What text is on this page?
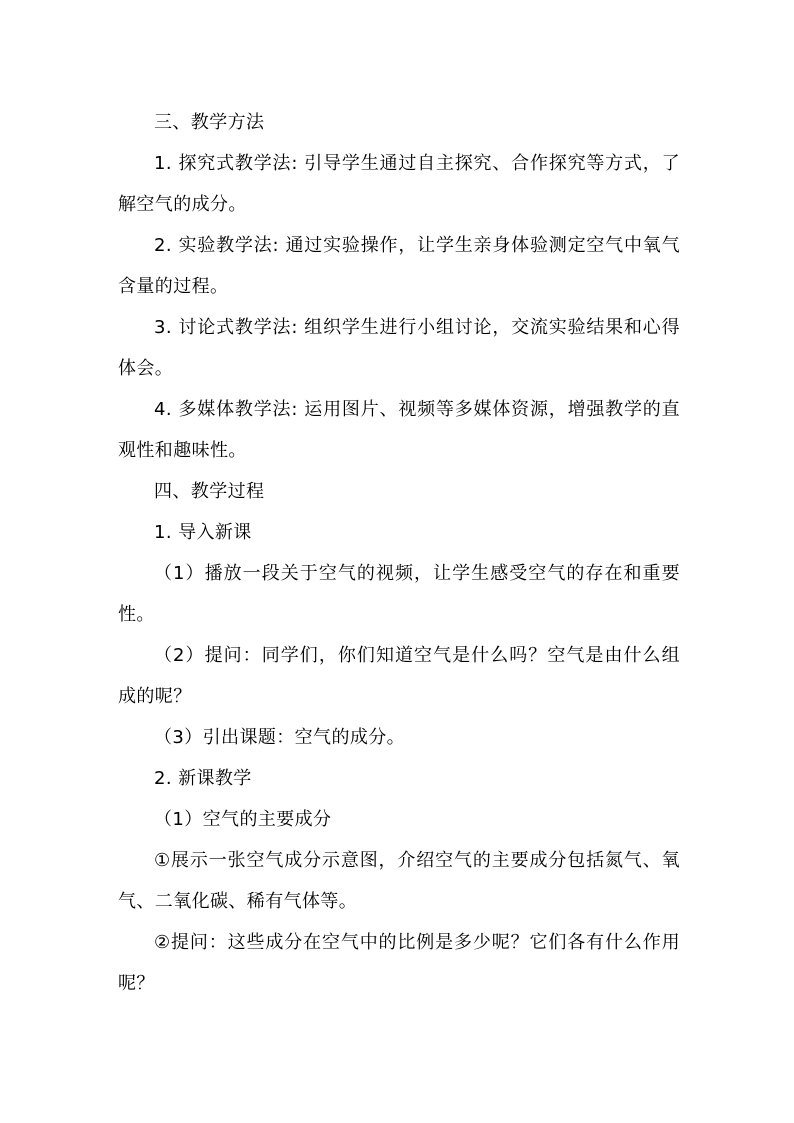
三、教学方法

1. 探究式教学法: 引导学生通过自主探究、合作探究等方式，了解空气的成分。

2. 实验教学法: 通过实验操作，让学生亲身体验测定空气中氧气含量的过程。

3. 讨论式教学法: 组织学生进行小组讨论，交流实验结果和心得体会。

4. 多媒体教学法: 运用图片、视频等多媒体资源，增强教学的直观性和趣味性。

四、教学过程

1. 导入新课

（1）播放一段关于空气的视频，让学生感受空气的存在和重要性。

（2）提问：同学们，你们知道空气是什么吗？空气是由什么组成的呢？

（3）引出课题：空气的成分。

2. 新课教学

（1）空气的主要成分

①展示一张空气成分示意图，介绍空气的主要成分包括氮气、氧气、二氧化碳、稀有气体等。

②提问：这些成分在空气中的比例是多少呢？它们各有什么作用呢？
